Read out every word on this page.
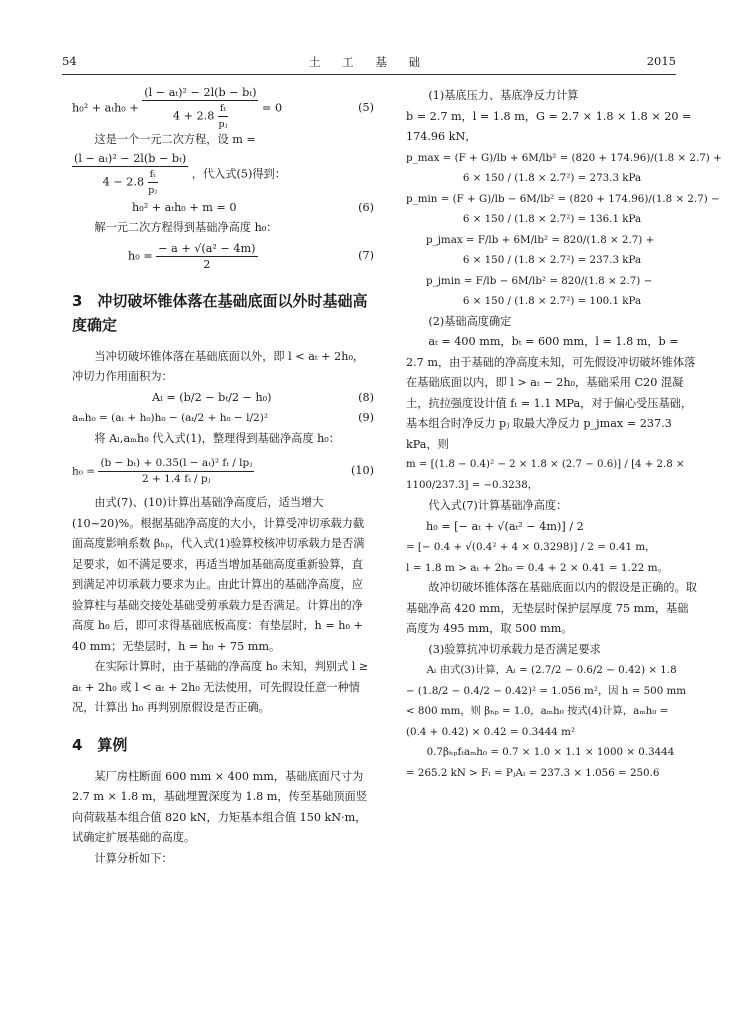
54	土 工 基 础	2015
$h_0^2 + a_th_0 + \frac{\text{(l − aₜ)² − 2l(b − bₜ)}}{4 + 2.8 \frac{\text{fₜ}}{\text{pⱼ}}} = 0$	(5)

这是一个一元二次方程，设 m =

$\frac{\text{(l − aₜ)² − 2l(b − bₜ)}}{4 - 2.8 \frac{\text{fₜ}}{\text{pⱼ}}}$ ，代入式(5)得到：

h₀² + aₜh₀ + m = 0	(6)

解一元二次方程得到基础净高度 h₀：

$h_0 = \frac{\text{− a + √(a² − 4m)}}{2}$	(7)
3　冲切破坏锥体落在基础底面以外时基础高度确定

当冲切破坏锥体落在基础底面以外，即 l < aₜ + 2h₀，冲切力作用面积为：

Aₗ = (b/2 − bₜ/2 − h₀)	(8)
aₘh₀ = (aₜ + h₀)h₀ − (aₜ/2 + h₀ − l/2)²	(9)

将 Aₗ,aₘh₀ 代入式(1)，整理得到基础净高度 h₀：

$h_0 = \frac{\text{(b − bₜ) + 0.35(l − aₜ)² fₜ / lpⱼ}}{\text{2 + 1.4 fₜ / pⱼ}}$	(10)

由式(7)、(10)计算出基础净高度后，适当增大(10~20)%。根据基础净高度的大小，计算受冲切承载力截面高度影响系数 βₕₚ，代入式(1)验算校核冲切承载力是否满足要求，如不满足要求，再适当增加基础高度重新验算，直到满足冲切承载力要求为止。由此计算出的基础净高度，应验算柱与基础交接处基础受剪承载力是否满足。计算出的净高度 h₀ 后，即可求得基础底板高度：有垫层时，h = h₀ + 40 mm；无垫层时，h = h₀ + 75 mm。

在实际计算时，由于基础的净高度 h₀ 未知，判别式 l ≥ aₜ + 2h₀ 或 l < aₜ + 2h₀ 无法使用，可先假设任意一种情况，计算出 h₀ 再判别原假设是否正确。

4　算例

某厂房柱断面 600 mm × 400 mm，基础底面尺寸为 2.7 m × 1.8 m，基础埋置深度为 1.8 m，传至基础顶面竖向荷载基本组合值 820 kN，力矩基本组合值 150 kN·m，试确定扩展基础的高度。

计算分析如下：

(1)基底压力、基底净反力计算

b = 2.7 m，l = 1.8 m，G = 2.7 × 1.8 × 1.8 × 20 = 174.96 kN，

p_max = (F + G)/lb + 6M/lb² = (820 + 174.96)/(1.8 × 2.7) +

6 × 150 / (1.8 × 2.7²) = 273.3 kPa

p_min = (F + G)/lb − 6M/lb² = (820 + 174.96)/(1.8 × 2.7) −

6 × 150 / (1.8 × 2.7²) = 136.1 kPa

p_jmax = F/lb + 6M/lb² = 820/(1.8 × 2.7) +

6 × 150 / (1.8 × 2.7²) = 237.3 kPa

p_jmin = F/lb − 6M/lb² = 820/(1.8 × 2.7) −

6 × 150 / (1.8 × 2.7²) = 100.1 kPa

(2)基础高度确定

aₜ = 400 mm，bₜ = 600 mm，l = 1.8 m，b = 2.7 m，由于基础的净高度未知，可先假设冲切破坏锥体落在基础底面以内，即 l > aₜ − 2h₀，基础采用 C20 混凝土，抗拉强度设计值 fₜ = 1.1 MPa，对于偏心受压基础，基本组合时净反力 pⱼ 取最大净反力 p_jmax = 237.3 kPa，则

m = [(1.8 − 0.4)² − 2 × 1.8 × (2.7 − 0.6)] / [4 + 2.8 × 1100/237.3] = −0.3238，

代入式(7)计算基础净高度：

h₀ = [− aₜ + √(aₜ² − 4m)] / 2

= [− 0.4 + √(0.4² + 4 × 0.3298)] / 2 = 0.41 m，

l = 1.8 m > aₜ + 2h₀ = 0.4 + 2 × 0.41 = 1.22 m。

故冲切破坏锥体落在基础底面以内的假设是正确的。取基础净高 420 mm，无垫层时保护层厚度 75 mm，基础高度为 495 mm，取 500 mm。

(3)验算抗冲切承载力是否满足要求

Aₗ 由式(3)计算，Aₗ = (2.7/2 − 0.6/2 − 0.42) × 1.8

− (1.8/2 − 0.4/2 − 0.42)² = 1.056 m²，因 h = 500 mm

< 800 mm，则 βₕₚ = 1.0，aₘh₀ 按式(4)计算，aₘh₀ =

(0.4 + 0.42) × 0.42 = 0.3444 m²

0.7βₕₚfₜaₘh₀ = 0.7 × 1.0 × 1.1 × 1000 × 0.3444

= 265.2 kN > Fₗ = PⱼAₗ = 237.3 × 1.056 = 250.6
